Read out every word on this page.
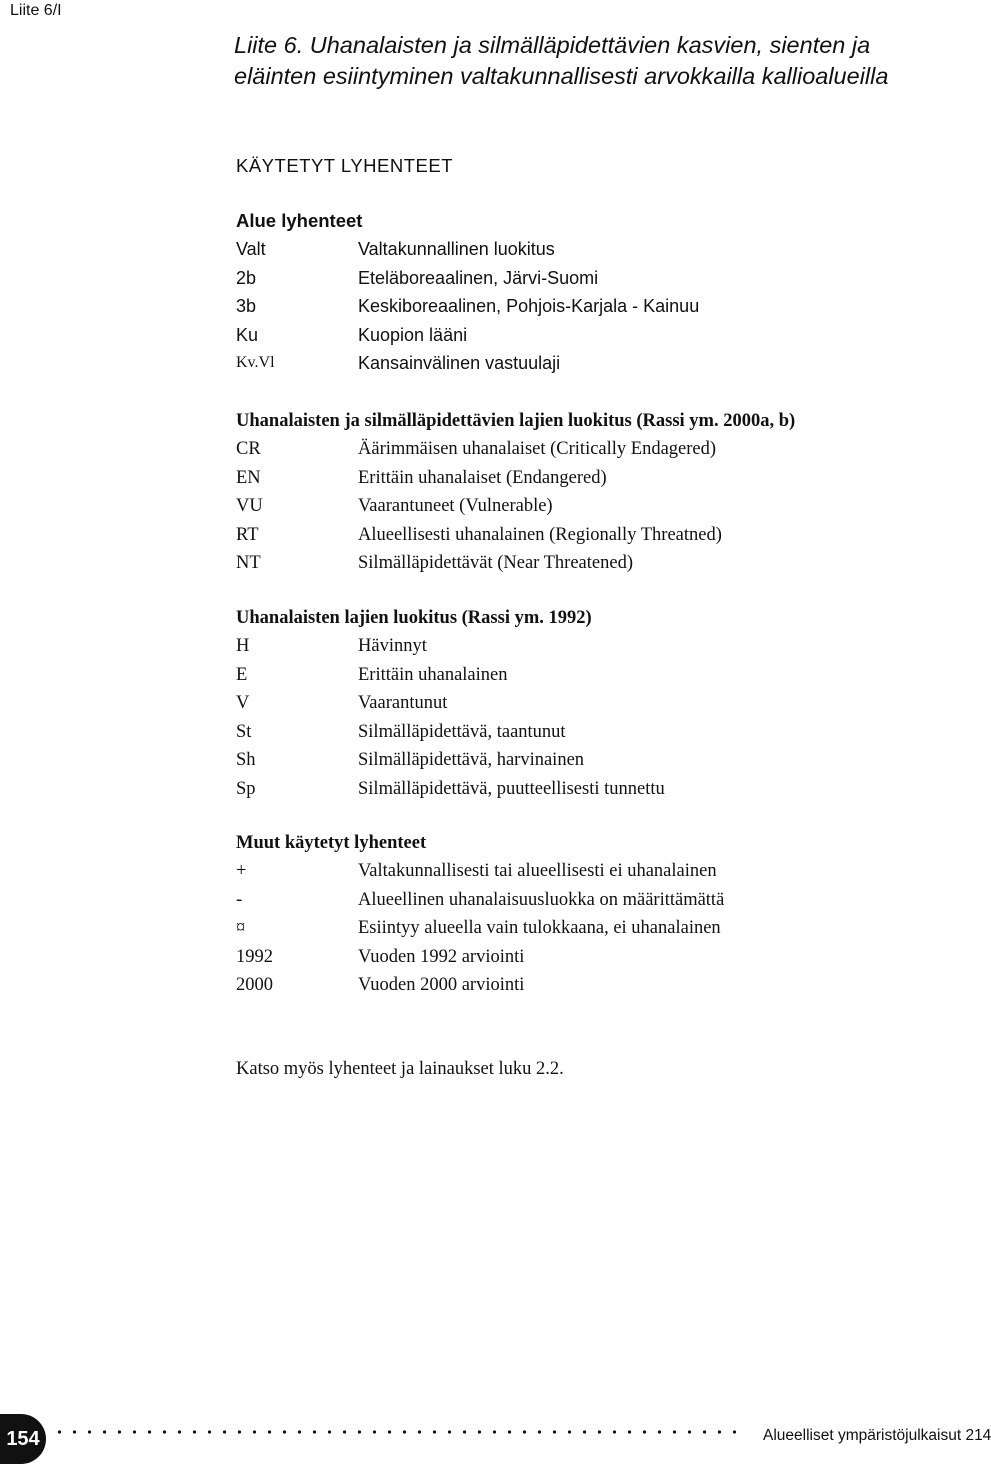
Liite 6/I
Liite 6. Uhanalaisten ja silmälläpidettävien kasvien, sienten ja eläinten esiintyminen valtakunnallisesti arvokkailla kallioalueilla
KÄYTETYT LYHENTEET
Alue lyhenteet
Valt	Valtakunnallinen luokitus
2b	Eteläboreaalinen, Järvi-Suomi
3b	Keskiboreaalinen, Pohjois-Karjala - Kainuu
Ku	Kuopion lääni
Kv.Vl	Kansainvälinen vastuulaji
Uhanalaisten ja silmälläpidettävien lajien luokitus (Rassi ym. 2000a, b)
CR	Äärimmäisen uhanalaiset (Critically Endagered)
EN	Erittäin uhanalaiset (Endangered)
VU	Vaarantuneet (Vulnerable)
RT	Alueellisesti uhanalainen (Regionally Threatned)
NT	Silmälläpidettävät (Near Threatened)
Uhanalaisten lajien luokitus (Rassi ym. 1992)
H	Hävinnyt
E	Erittäin uhanalainen
V	Vaarantunut
St	Silmälläpidettävä, taantunut
Sh	Silmälläpidettävä, harvinainen
Sp	Silmälläpidettävä, puutteellisesti tunnettu
Muut käytetyt lyhenteet
+	Valtakunnallisesti tai alueellisesti ei uhanalainen
-	Alueellinen uhanalaisuusluokka on määrittämättä
¤	Esiintyy alueella vain tulokkaana, ei uhanalainen
1992	Vuoden 1992 arviointi
2000	Vuoden 2000 arviointi
Katso myös lyhenteet ja lainaukset luku 2.2.
154	Alueelliset ympäristöjulkaisut 214
